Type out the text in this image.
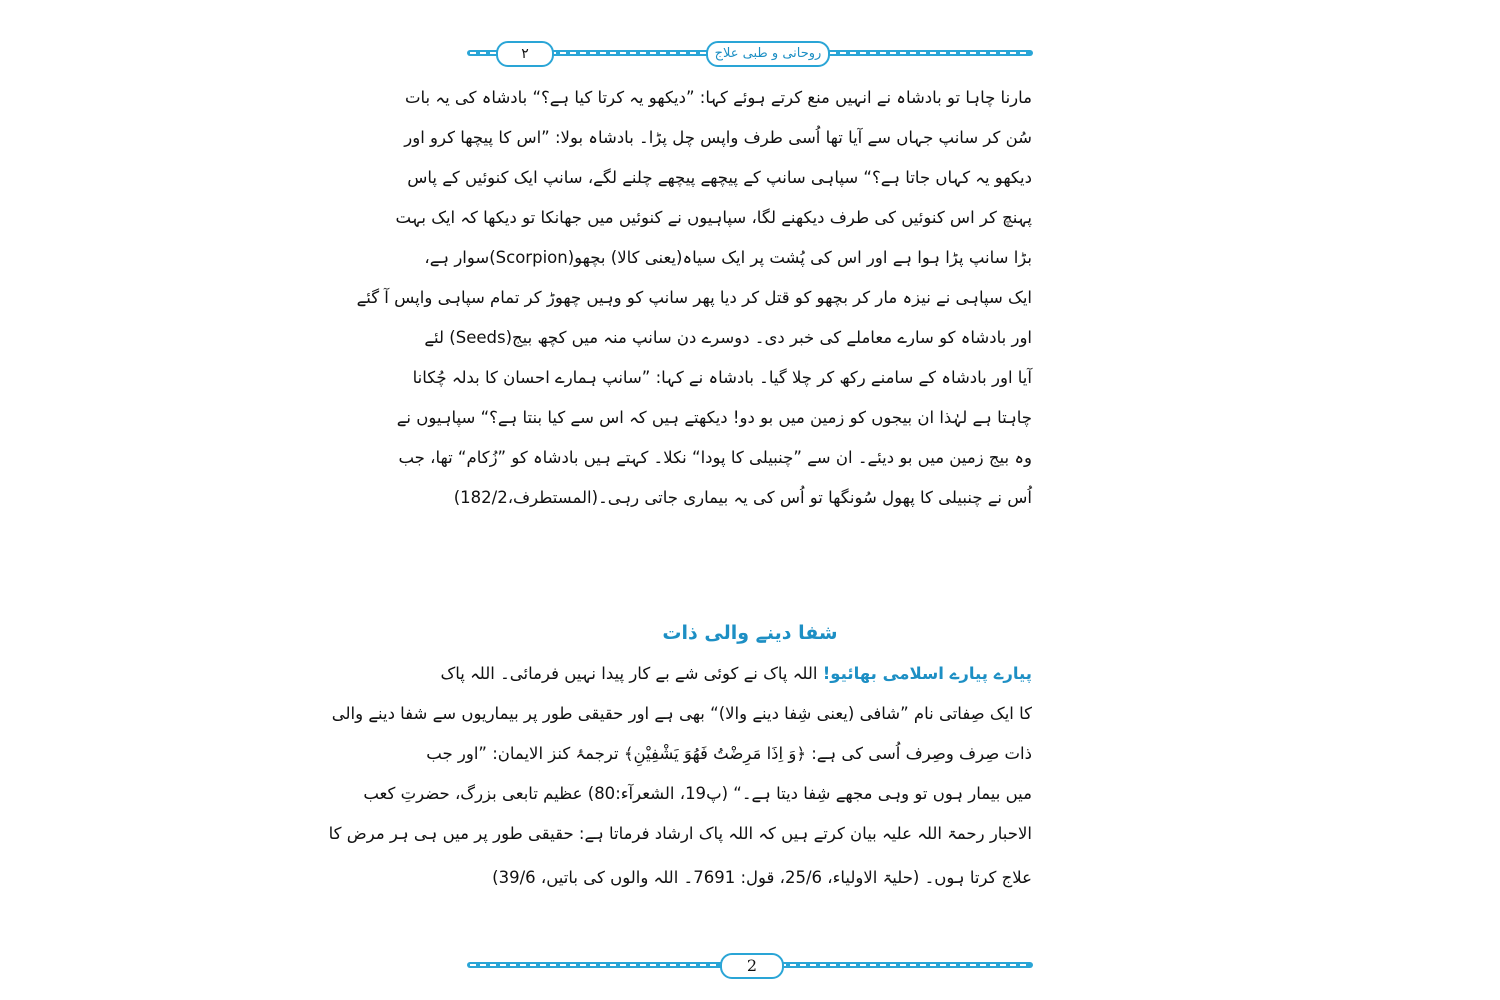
۲	روحانی و طبی علاج
مارنا چاہا تو بادشاہ نے انہیں منع کرتے ہوئے کہا: ”دیکھو یہ کرتا کیا ہے؟“ بادشاہ کی یہ بات
سُن کر سانپ جہاں سے آیا تھا اُسی طرف واپس چل پڑا۔ بادشاہ بولا: ”اس کا پیچھا کرو اور
دیکھو یہ کہاں جاتا ہے؟“ سپاہی سانپ کے پیچھے پیچھے چلنے لگے، سانپ ایک کنوئیں کے پاس
پہنچ کر اس کنوئیں کی طرف دیکھنے لگا، سپاہیوں نے کنوئیں میں جھانکا تو دیکھا کہ ایک بہت
بڑا سانپ پڑا ہوا ہے اور اس کی پُشت پر ایک سیاہ(یعنی کالا) بچھو(Scorpion)سوار ہے،
ایک سپاہی نے نیزہ مار کر بچھو کو قتل کر دیا پھر سانپ کو وہیں چھوڑ کر تمام سپاہی واپس آ گئے
اور بادشاہ کو سارے معاملے کی خبر دی۔ دوسرے دن سانپ منہ میں کچھ بیج(Seeds) لئے
آیا اور بادشاہ کے سامنے رکھ کر چلا گیا۔ بادشاہ نے کہا: ”سانپ ہمارے احسان کا بدلہ چُکانا
چاہتا ہے لہٰذا ان بیجوں کو زمین میں بو دو! دیکھتے ہیں کہ اس سے کیا بنتا ہے؟“ سپاہیوں نے
وہ بیج زمین میں بو دیئے۔ ان سے ”چنبیلی کا پودا“ نکلا۔ کہتے ہیں بادشاہ کو ”زُکام“ تھا، جب
اُس نے چنبیلی کا پھول سُونگھا تو اُس کی یہ بیماری جاتی رہی۔(المستطرف،182/2)
شفا دینے والی ذات
پیارے پیارے اسلامی بھائیو! اللہ پاک نے کوئی شے بے کار پیدا نہیں فرمائی۔ اللہ پاک
کا ایک صِفاتی نام ”شافی (یعنی شِفا دینے والا)“ بھی ہے اور حقیقی طور پر بیماریوں سے شفا دینے والی
ذات صِرف وصِرف اُسی کی ہے: ﴿وَ اِذَا مَرِضْتُ فَهُوَ یَشْفِیْنِ﴾ ترجمۂ کنز الایمان: ”اور جب
میں بیمار ہوں تو وہی مجھے شِفا دیتا ہے۔“ (پ19، الشعرآء:80) عظیم تابعی بزرگ، حضرتِ کعب
الاحبار رحمۃ اللہ علیہ بیان کرتے ہیں کہ اللہ پاک ارشاد فرماتا ہے: حقیقی طور پر میں ہی ہر مرض کا
علاج کرتا ہوں۔ (حلیۃ الاولیاء، 25/6، قول: 7691۔ اللہ والوں کی باتیں، 39/6)
2
